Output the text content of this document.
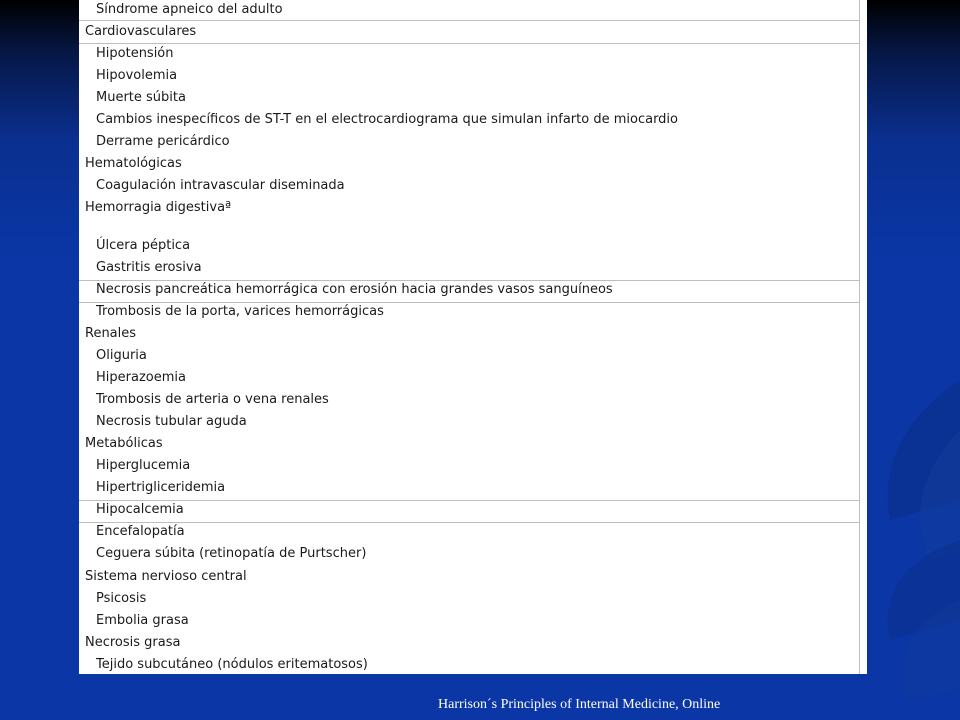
Síndrome apneico del adulto
Cardiovasculares
Hipotensión
Hipovolemia
Muerte súbita
Cambios inespecíficos de ST-T en el electrocardiograma que simulan infarto de miocardio
Derrame pericárdico
Hematológicas
Coagulación intravascular diseminada
Hemorragia digestivaª
Úlcera péptica
Gastritis erosiva
Necrosis pancreática hemorrágica con erosión hacia grandes vasos sanguíneos
Trombosis de la porta, varices hemorrágicas
Renales
Oliguria
Hiperazoemia
Trombosis de arteria o vena renales
Necrosis tubular aguda
Metabólicas
Hiperglucemia
Hipertrigliceridemia
Hipocalcemia
Encefalopatía
Ceguera súbita (retinopatía de Purtscher)
Sistema nervioso central
Psicosis
Embolia grasa
Necrosis grasa
Tejido subcutáneo (nódulos eritematosos)
Harrison´s Principles of Internal Medicine, Online
